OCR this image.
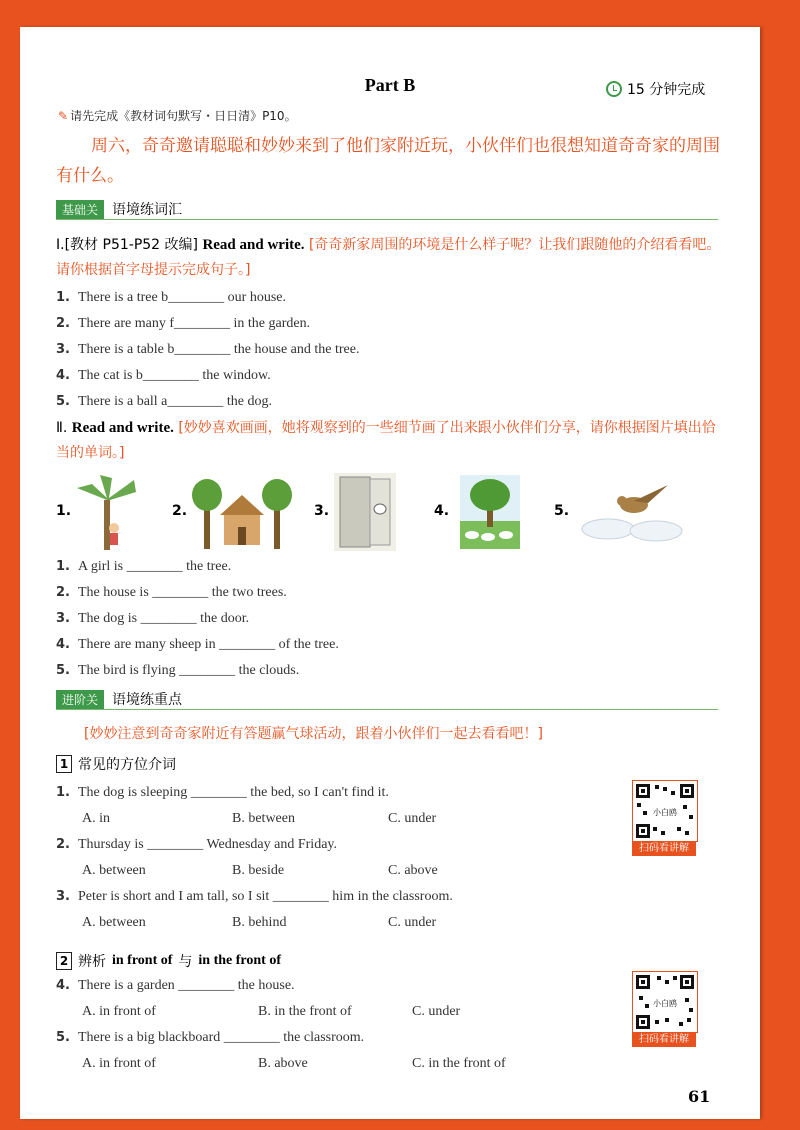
Part B	15 分钟完成
✎ 请先完成《教材词句默写・日日清》P10。
周六，奇奇邀请聪聪和妙妙来到了他们家附近玩，小伙伴们也很想知道奇奇家的周围有什么。
基础关	语境练词汇
Ⅰ.[教材 P51-P52 改编] Read and write. [奇奇新家周围的环境是什么样子呢？让我们跟随他的介绍看看吧。请你根据首字母提示完成句子。]
1. There is a tree b________ our house.
2. There are many f________ in the garden.
3. There is a table b________ the house and the tree.
4. The cat is b________ the window.
5. There is a ball a________ the dog.
Ⅱ. Read and write. [妙妙喜欢画画，她将观察到的一些细节画了出来跟小伙伴们分享，请你根据图片填出恰当的单词。]
1.	2.	3.	4.	5.
1. A girl is ________ the tree.
2. The house is ________ the two trees.
3. The dog is ________ the door.
4. There are many sheep in ________ of the tree.
5. The bird is flying ________ the clouds.
进阶关	语境练重点
[妙妙注意到奇奇家附近有答题赢气球活动，跟着小伙伴们一起去看看吧！]
1 常见的方位介词
1. The dog is sleeping ________ the bed, so I can't find it.
A. in	B. between	C. under
2. Thursday is ________ Wednesday and Friday.
A. between	B. beside	C. above
3. Peter is short and I am tall, so I sit ________ him in the classroom.
A. between	B. behind	C. under
2 辨析 in front of 与 in the front of
4. There is a garden ________ the house.
A. in front of	B. in the front of	C. under
5. There is a big blackboard ________ the classroom.
A. in front of	B. above	C. in the front of
小白鸥
扫码看讲解
小白鸥
扫码看讲解
61
